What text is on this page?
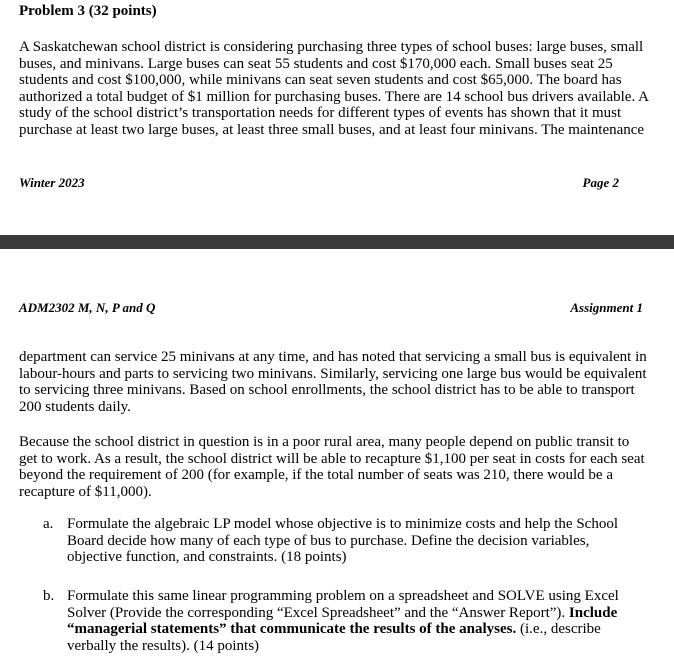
Problem 3 (32 points)
A Saskatchewan school district is considering purchasing three types of school buses: large buses, small buses, and minivans. Large buses can seat 55 students and cost $170,000 each. Small buses seat 25 students and cost $100,000, while minivans can seat seven students and cost $65,000. The board has authorized a total budget of $1 million for purchasing buses. There are 14 school bus drivers available. A study of the school district’s transportation needs for different types of events has shown that it must purchase at least two large buses, at least three small buses, and at least four minivans. The maintenance
Winter 2023	Page 2
ADM2302 M, N, P and Q	Assignment 1
department can service 25 minivans at any time, and has noted that servicing a small bus is equivalent in labour-hours and parts to servicing two minivans. Similarly, servicing one large bus would be equivalent to servicing three minivans. Based on school enrollments, the school district has to be able to transport 200 students daily.
Because the school district in question is in a poor rural area, many people depend on public transit to get to work. As a result, the school district will be able to recapture $1,100 per seat in costs for each seat beyond the requirement of 200 (for example, if the total number of seats was 210, there would be a recapture of $11,000).
a. Formulate the algebraic LP model whose objective is to minimize costs and help the School Board decide how many of each type of bus to purchase. Define the decision variables, objective function, and constraints. (18 points)
b. Formulate this same linear programming problem on a spreadsheet and SOLVE using Excel Solver (Provide the corresponding “Excel Spreadsheet” and the “Answer Report”). Include “managerial statements” that communicate the results of the analyses. (i.e., describe verbally the results). (14 points)
